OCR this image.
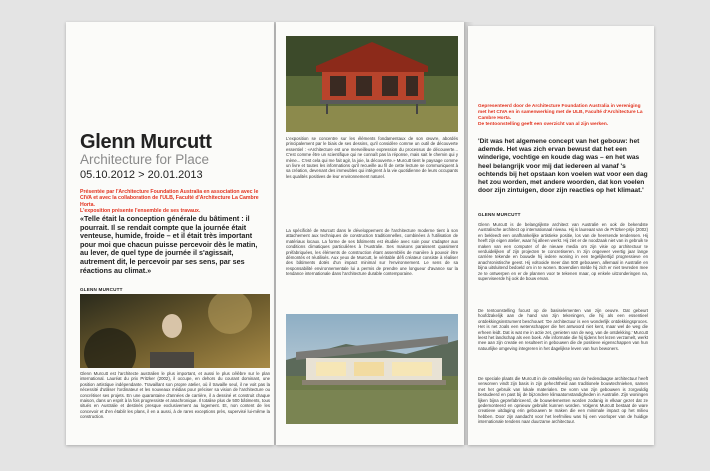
Glenn Murcutt
Architecture for Place
05.10.2012 > 20.01.2013
Présentée par l'Architecture Foundation Australia en association avec le CIVA et avec la collaboration de l'ULB, Faculté d'Architecture La Cambre Horta.
L'exposition présente l'ensemble de ses travaux.
«Telle était la conception générale du bâtiment : il pourrait. Il se rendait compte que la journée était venteuse, humide, froide – et il était très important pour moi que chacun puisse percevoir dès le matin, au lever, de quel type de journée il s'agissait, autrement dit, le percevoir par ses sens, par ses réactions au climat.»
GLENN MURCUTT
Glenn Murcutt est l'architecte australien le plus important, et aussi le plus célèbre sur le plan international. Lauréat du prix Pritzker (2002), il occupe, en dehors du courant dominant, une position artistique indépendante. Travaillant son propre atelier, où il travaille seul, il ne voit pas la nécessité d'utiliser l'ordinateur et les nouveaux médias pour préciser sa vision de l'architecture ou concrétiser ses projets. En une quarantaine d'années de carrière, il a dessiné et construit chaque maison, dans un esprit à la fois progressiste et anachronique. Il totalise plus de 500 bâtiments, tous situés en Australie et destinés presque exclusivement au logement. Et, non content de les concevoir et d'en établir les plans, il en a aussi, à de rares exceptions près, supervisé lui-même la construction.
L'exposition se concentre sur les éléments fondamentaux de son œuvre, abordés principalement par le biais de ses dessins, qu'il considère comme un outil de découverte essentiel : «Architecture est une merveilleuse expression du processus de découverte... C'est comme être un scientifique qui ne connaît pas la réponse, mais sait le chemin qui y mène... C'est cela qui me fait agir, la joie, la découverte.» Murcutt tient le paysage comme un livre et toutes les informations qu'il recueille au fil de cette lecture se communiquent à sa création, devenant des immeubles qui intègrent à la vie quotidienne de leurs occupants les qualités positives de leur environnement naturel.
La spécificité de Murcutt dans le développement de l'architecture moderne tient à son attachement aux techniques de construction traditionnelles, combinées à l'utilisation de matériaux locaux. La forme de ses bâtiments est étudiée avec soin pour s'adapter aux conditions climatiques particulières à l'Australie. Ses maisons paraissent quasiment préfabriquées, les éléments de construction étant assemblés de manière à pouvoir être démontés et réutilisés. Aux yeux de Murcutt, le véritable défi créateur consiste à réaliser des bâtiments dotés d'un impact minimal sur l'environnement. Le sens de sa responsabilité environnementale lui a permis de prendre une longueur d'avance sur la tendance internationale dans l'architecture durable contemporaine.
Gepresenteerd door de Architecture Foundation Australia in vereniging met het CIVA en in samenwerking met de ULB, Faculté d'Architecture La Cambre Horta.
De tentoonstelling geeft een overzicht van al zijn werken.
'Dit was het algemene concept van het gebouw: het ademde. Het was zich ervan bewust dat het een winderige, vochtige en koude dag was – en het was heel belangrijk voor mij dat iedereen al vanaf 's ochtends bij het opstaan kon voelen wat voor een dag het zou worden, met andere woorden, dat kon voelen door zijn zintuigen, door zijn reacties op het klimaat.'
GLENN MURCUTT
Glenn Murcutt is de belangrijkste architect van Australië en ook de bekendste Australische architect op internationaal niveau. Hij is laureaat van de Pritzker-prijs (2002) en bekleedt een onafhankelijke artistieke positie, los van de heersende tendensen. Hij heeft zijn eigen atelier, waar hij alleen werkt. Hij ziet er de noodzaak niet van in gebruik te maken van een computer of de nieuwe media om zijn visie op architectuur te verduidelijken of zijn projecten te concretiseren. In zijn ongeveer veertig jaar lange carrière tekende en bouwde hij iedere woning in een tegelijkertijd progressieve en anachronistische geest. Hij voltooide meer dan 500 gebouwen, allemaal in Australië en bijna uitsluitend bedoeld om in te wonen. Bovendien stelde hij zich er niet tevreden mee ze te ontwerpen en er de plannen voor te tekenen maar, op enkele uitzonderingen na, superviseerde hij ook de bouw ervan.
De tentoonstelling focust op de basiselementen van zijn oeuvre. Dat gebeurt hoofdzakelijk aan de hand van zijn tekeningen, die hij als een essentieel ontdekkingsinstrument beschouwt: 'De architectuur is een wonderlijk ontdekkingsproces. Het is net zoals een wetenschapper die het antwoord niet kent, maar wel de weg die erheen leidt. Dat is wat me in actie zet, genieten van de weg, van de ontdekking.' Murcutt leest het landschap als een boek. Alle informatie die hij tijdens het lezen verzamelt, werkt mee aan zijn creatie en resulteert in gebouwen die de positieve eigenschappen van hun natuurlijke omgeving integreren in het dagelijkse leven van hun bewoners.
De speciale plaats die Murcutt in de ontwikkeling van de hedendaagse architectuur heeft verworven vindt zijn basis in zijn gehechtheid aan traditionele bouwtechnieken, samen met het gebruik van lokale materialen. De vorm van zijn gebouwen is zorgvuldig bestudeerd en past bij de bijzondere klimaatomstandigheden in Australië. Zijn woningen lijken bijna geprefabriceerd, de bouwelementen worden zodanig in elkaar gezet dat ze gedemonteerd en opnieuw gebruikt kunnen worden. Volgens Murcutt bestaat de ware creatieve uitdaging erin gebouwen te maken die een minimale impact op het milieu hebben. Door zijn aandacht voor het leefmilieu was hij een voorloper van de huidige internationale tendens naar duurzame architectuur.
